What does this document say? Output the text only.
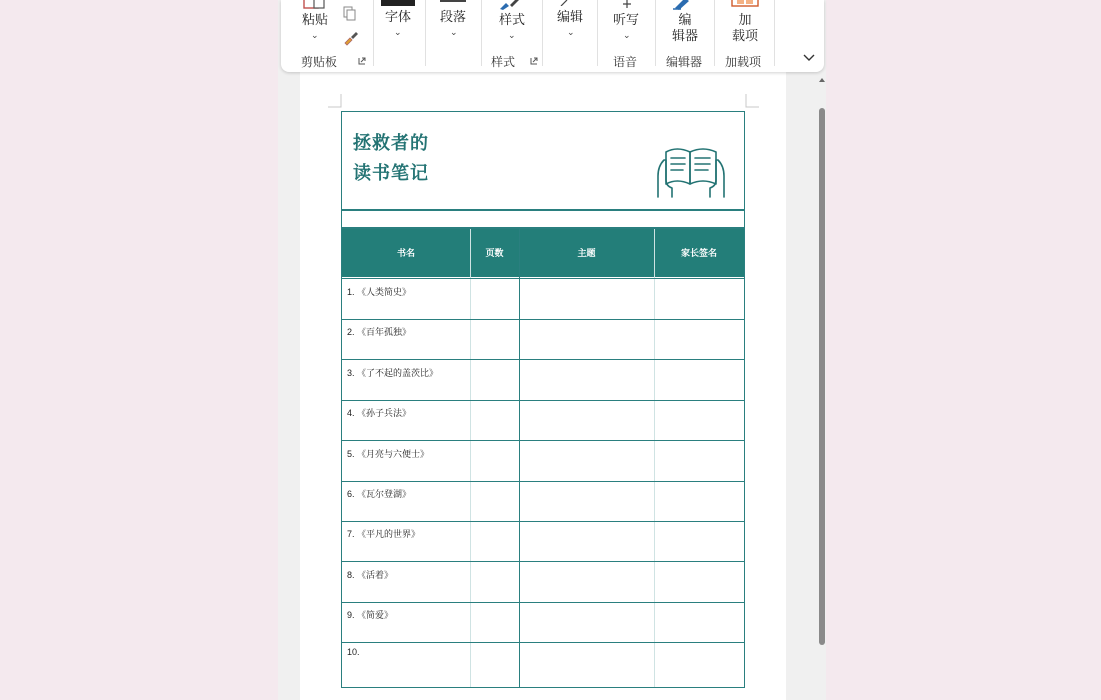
粘贴
⌄
剪贴板
字体
⌄
段落
⌄
样式
⌄
样式
编辑
⌄
听写
⌄
语音
编
辑器
编辑器
加
载项
加载项
拯救者的
读书笔记
书名	页数	主题	家长签名
1. 《人类简史》
2. 《百年孤独》
3. 《了不起的盖茨比》
4. 《孙子兵法》
5. 《月亮与六便士》
6. 《瓦尔登湖》
7. 《平凡的世界》
8. 《活着》
9. 《简爱》
10.
